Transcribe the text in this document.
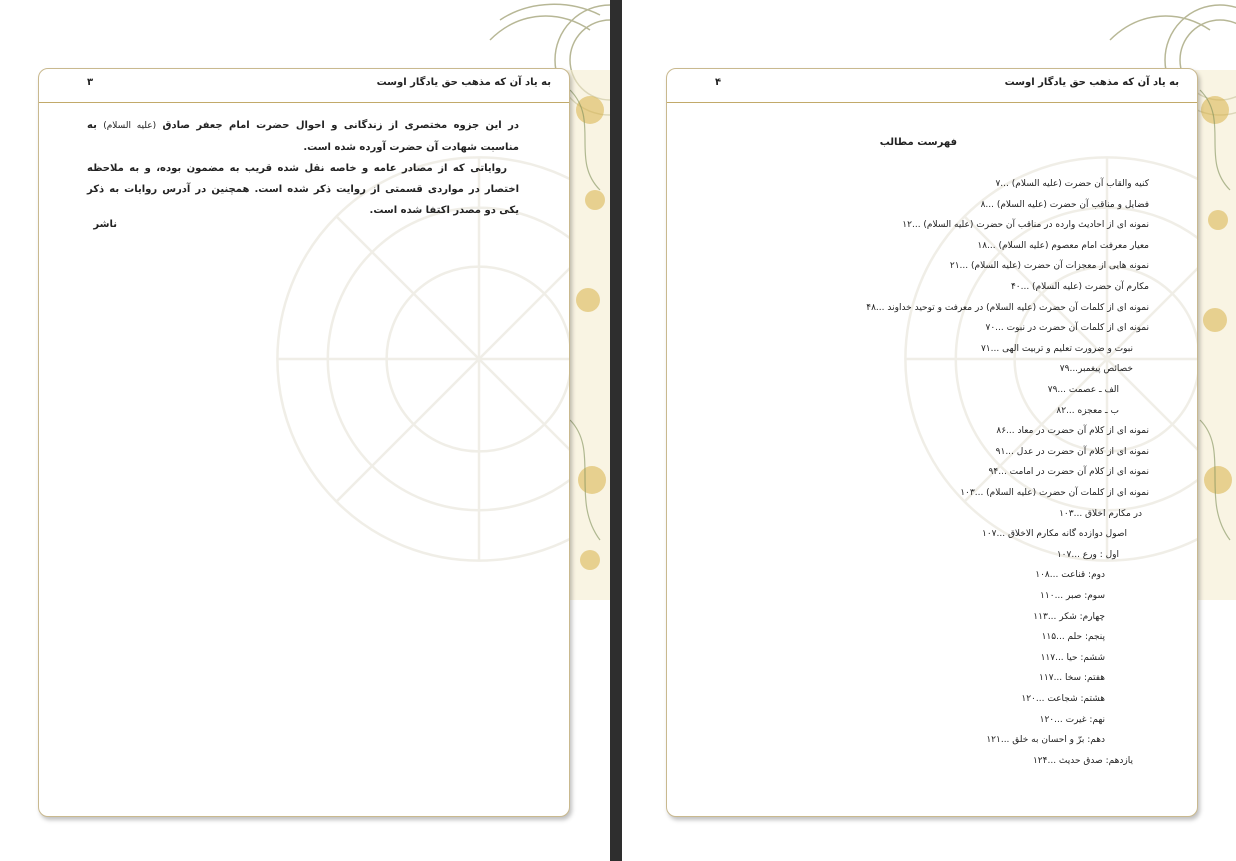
به یاد آن که مذهب حق یادگار اوست
۳
در این جزوه مختصری از زندگانی و احوال حضرت امام جعفر صادق (علیه السلام) به مناسبت شهادت آن حضرت آورده شده است.
روایاتی که از مصادر عامه و خاصه نقل شده قریب به مضمون بوده، و به ملاحظه اختصار در مواردی قسمتی از روایت ذکر شده است. همچنین در آدرس روایات به ذکر یکی دو مصدر اکتفا شده است.
ناشر
به یاد آن که مذهب حق یادگار اوست
۴
فهرست مطالب
کنیه والقاب آن حضرت (علیه السلام) ...۷
فضایل و مناقب آن حضرت (علیه السلام) ...۸
نمونه ای از احادیث وارده در مناقب آن حضرت (علیه السلام) ...۱۲
معیار معرفت امام معصوم (علیه السلام) ...۱۸
نمونه هایی از معجزات آن حضرت (علیه السلام) ...۲۱
مکارم آن حضرت (علیه السلام) ...۴۰
نمونه ای از کلمات آن حضرت (علیه السلام) در معرفت و توحید خداوند ...۴۸
نمونه ای از کلمات آن حضرت در نبوت ...۷۰
نبوت و ضرورت تعلیم و تربیت الهی ...۷۱
خصائص پیغمبر...۷۹
الف ـ عصمت ...۷۹
ب ـ معجزه ...۸۲
نمونه ای از کلام آن حضرت در معاد ...۸۶
نمونه ای از کلام آن حضرت در عدل ...۹۱
نمونه ای از کلام آن حضرت در امامت ...۹۴
نمونه ای از کلمات آن حضرت (علیه السلام) ...۱۰۳
در مکارم اخلاق ...۱۰۳
اصول دوازده گانه مکارم الاخلاق ...۱۰۷
اول : ورع ...۱۰۷
دوم: قناعت ...۱۰۸
سوم: صبر ...۱۱۰
چهارم: شکر ...۱۱۳
پنجم: حلم ...۱۱۵
ششم: حیا ...۱۱۷
هفتم: سخا ...۱۱۷
هشتم: شجاعت ...۱۲۰
نهم: غیرت ...۱۲۰
دهم: برّ و احسان به خلق ...۱۲۱
یازدهم: صدق حدیث ...۱۲۴
